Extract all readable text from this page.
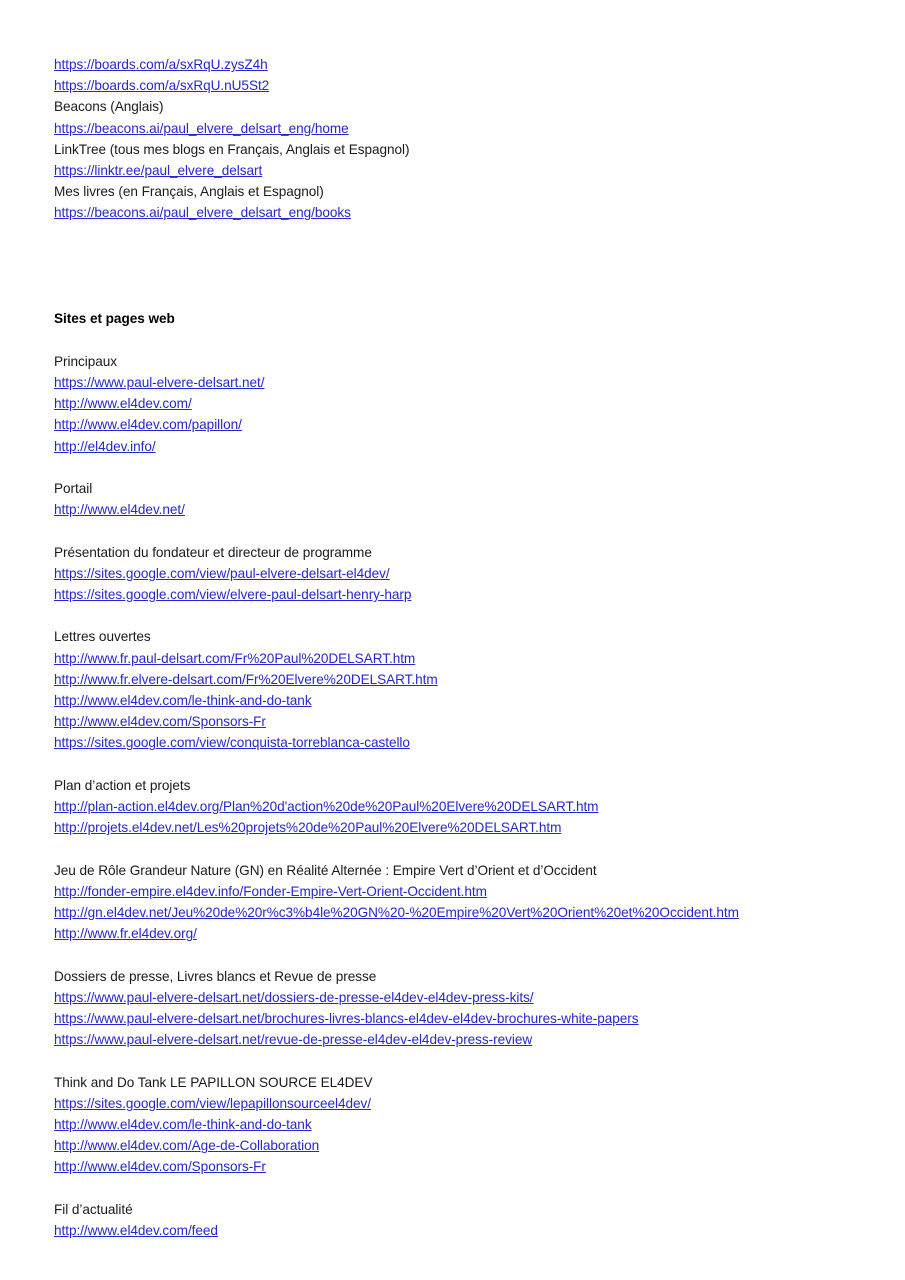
https://boards.com/a/sxRqU.zysZ4h
https://boards.com/a/sxRqU.nU5St2
Beacons (Anglais)
https://beacons.ai/paul_elvere_delsart_eng/home
LinkTree (tous mes blogs en Français, Anglais et Espagnol)
https://linktr.ee/paul_elvere_delsart
Mes livres (en Français, Anglais et Espagnol)
https://beacons.ai/paul_elvere_delsart_eng/books
Sites et pages web
Principaux
https://www.paul-elvere-delsart.net/
http://www.el4dev.com/
http://www.el4dev.com/papillon/
http://el4dev.info/
Portail
http://www.el4dev.net/
Présentation du fondateur et directeur de programme
https://sites.google.com/view/paul-elvere-delsart-el4dev/
https://sites.google.com/view/elvere-paul-delsart-henry-harp
Lettres ouvertes
http://www.fr.paul-delsart.com/Fr%20Paul%20DELSART.htm
http://www.fr.elvere-delsart.com/Fr%20Elvere%20DELSART.htm
http://www.el4dev.com/le-think-and-do-tank
http://www.el4dev.com/Sponsors-Fr
https://sites.google.com/view/conquista-torreblanca-castello
Plan d’action et projets
http://plan-action.el4dev.org/Plan%20d'action%20de%20Paul%20Elvere%20DELSART.htm
http://projets.el4dev.net/Les%20projets%20de%20Paul%20Elvere%20DELSART.htm
Jeu de Rôle Grandeur Nature (GN) en Réalité Alternée : Empire Vert d’Orient et d’Occident
http://fonder-empire.el4dev.info/Fonder-Empire-Vert-Orient-Occident.htm
http://gn.el4dev.net/Jeu%20de%20r%c3%b4le%20GN%20-%20Empire%20Vert%20Orient%20et%20Occident.htm
http://www.fr.el4dev.org/
Dossiers de presse, Livres blancs et Revue de presse
https://www.paul-elvere-delsart.net/dossiers-de-presse-el4dev-el4dev-press-kits/
https://www.paul-elvere-delsart.net/brochures-livres-blancs-el4dev-el4dev-brochures-white-papers
https://www.paul-elvere-delsart.net/revue-de-presse-el4dev-el4dev-press-review
Think and Do Tank LE PAPILLON SOURCE EL4DEV
https://sites.google.com/view/lepapillonsourceel4dev/
http://www.el4dev.com/le-think-and-do-tank
http://www.el4dev.com/Age-de-Collaboration
http://www.el4dev.com/Sponsors-Fr
Fil d’actualité
http://www.el4dev.com/feed
